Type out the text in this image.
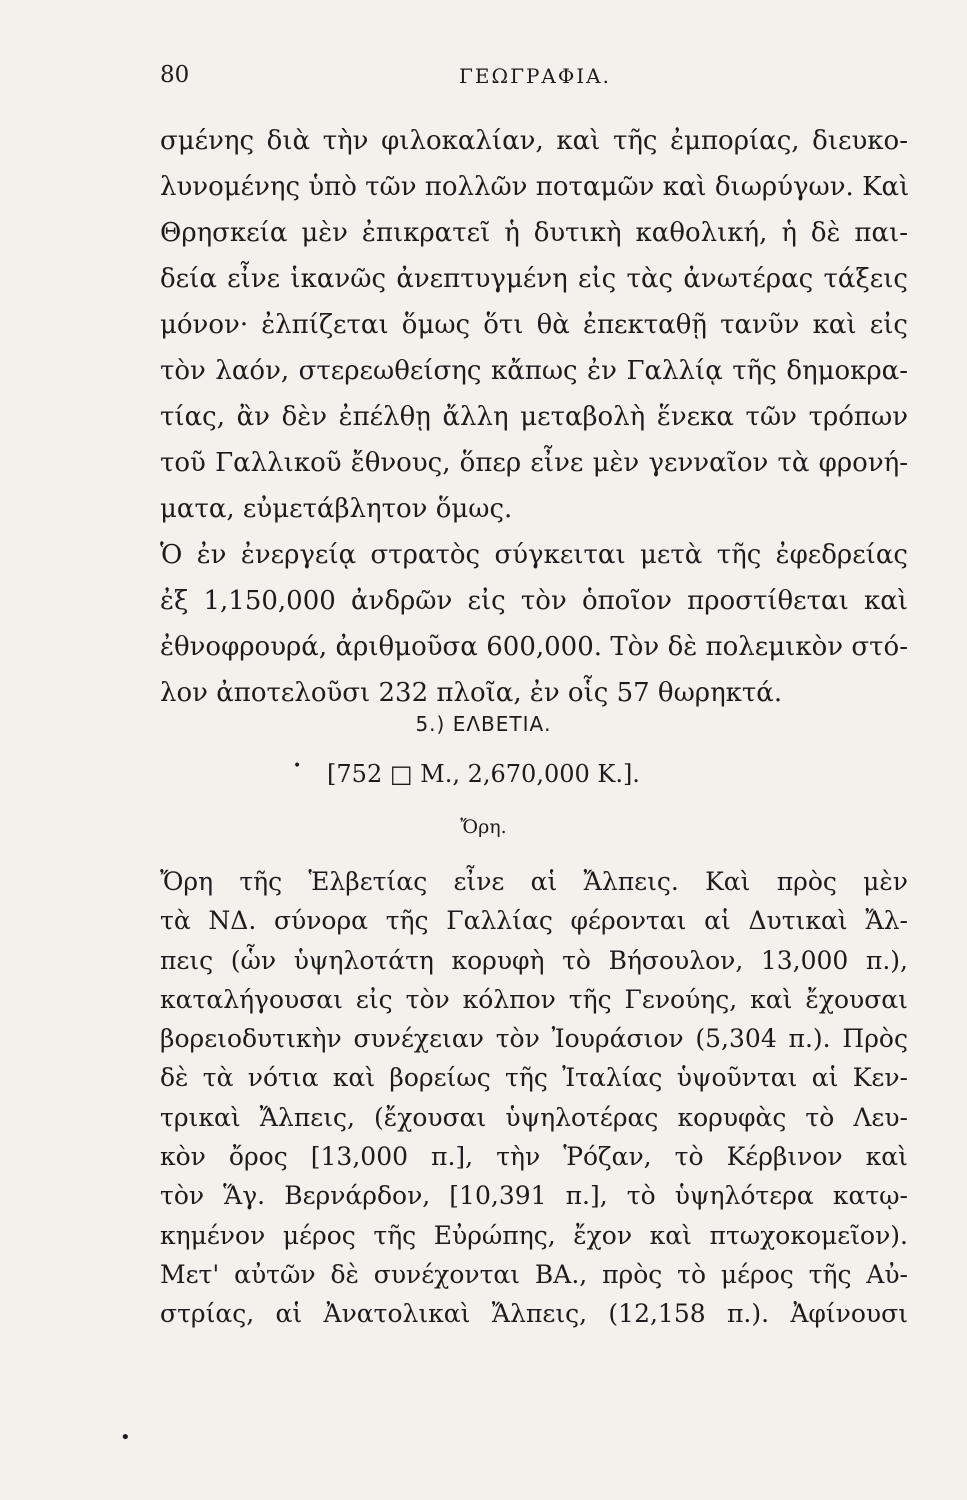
80	ΓΕΩΓΡΑΦΙΑ.
σμένης διὰ τὴν φιλοκαλίαν, καὶ τῆς ἐμπορίας, διευκο-
λυνομένης ὑπὸ τῶν πολλῶν ποταμῶν καὶ διωρύγων. Καὶ
Θρησκεία μὲν ἐπικρατεῖ ἡ δυτικὴ καθολική, ἡ δὲ παι-
δεία εἶνε ἱκανῶς ἀνεπτυγμένη εἰς τὰς ἀνωτέρας τάξεις
μόνον· ἐλπίζεται ὅμως ὅτι θὰ ἐπεκταθῇ τανῦν καὶ εἰς
τὸν λαόν, στερεωθείσης κἄπως ἐν Γαλλίᾳ τῆς δημοκρα-
τίας, ἂν δὲν ἐπέλθῃ ἄλλη μεταβολὴ ἕνεκα τῶν τρόπων
τοῦ Γαλλικοῦ ἔθνους, ὅπερ εἶνε μὲν γενναῖον τὰ φρονή-
ματα, εὐμετάβλητον ὅμως.
Ὁ ἐν ἐνεργείᾳ στρατὸς σύγκειται μετὰ τῆς ἐφεδρείας
ἐξ 1,150,000 ἀνδρῶν εἰς τὸν ὁποῖον προστίθεται καὶ
ἐθνοφρουρά, ἀριθμοῦσα 600,000. Τὸν δὲ πολεμικὸν στό-
λον ἀποτελοῦσι 232 πλοῖα, ἐν οἷς 57 θωρηκτά.
5.) ΕΛΒΕΤΙΑ.
[752 □ Μ., 2,670,000 Κ.].
Ὄρη.
Ὄρη τῆς Ἑλβετίας εἶνε αἱ Ἄλπεις. Καὶ πρὸς μὲν
τὰ ΝΔ. σύνορα τῆς Γαλλίας φέρονται αἱ Δυτικαὶ Ἄλ-
πεις (ὧν ὑψηλοτάτη κορυφὴ τὸ Βήσουλον, 13,000 π.),
καταλήγουσαι εἰς τὸν κόλπον τῆς Γενούης, καὶ ἔχουσαι
βορειοδυτικὴν συνέχειαν τὸν Ἰουράσιον (5,304 π.). Πρὸς
δὲ τὰ νότια καὶ βορείως τῆς Ἰταλίας ὑψοῦνται αἱ Κεν-
τρικαὶ Ἄλπεις, (ἔχουσαι ὑψηλοτέρας κορυφὰς τὸ Λευ-
κὸν ὄρος [13,000 π.], τὴν Ῥόζαν, τὸ Κέρβινον καὶ
τὸν Ἅγ. Βερνάρδον, [10,391 π.], τὸ ὑψηλότερα κατῳ-
κημένον μέρος τῆς Εὐρώπης, ἔχον καὶ πτωχοκομεῖον).
Μετ' αὐτῶν δὲ συνέχονται ΒΑ., πρὸς τὸ μέρος τῆς Αὐ-
στρίας, αἱ Ἀνατολικαὶ Ἄλπεις, (12,158 π.). Ἀφίνουσι
•
•
